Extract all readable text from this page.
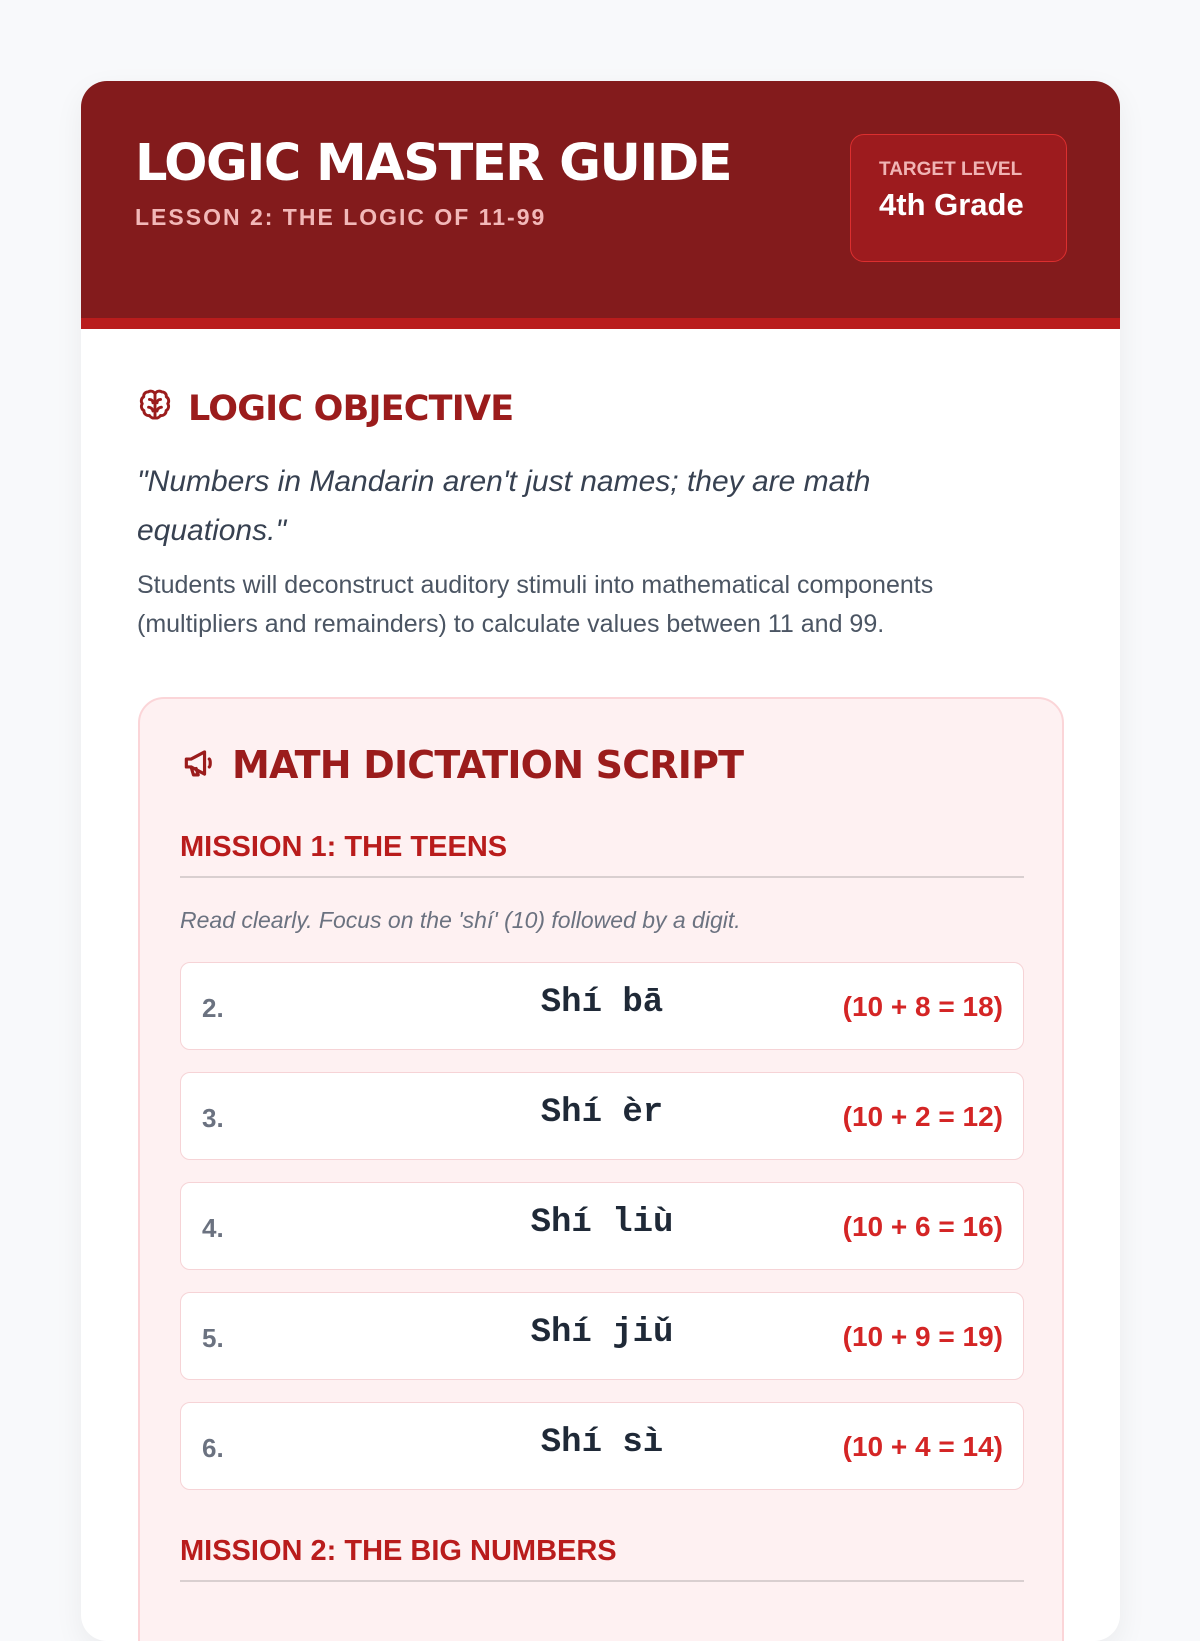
LOGIC MASTER GUIDE
LESSON 2: THE LOGIC OF 11-99
TARGET LEVEL
4th Grade
LOGIC OBJECTIVE
"Numbers in Mandarin aren't just names; they are math equations."
Students will deconstruct auditory stimuli into mathematical components (multipliers and remainders) to calculate values between 11 and 99.
MATH DICTATION SCRIPT
MISSION 1: THE TEENS
Read clearly. Focus on the 'shí' (10) followed by a digit.
2.	Shí bā	(10 + 8 = 18)
3.	Shí èr	(10 + 2 = 12)
4.	Shí liù	(10 + 6 = 16)
5.	Shí jiǔ	(10 + 9 = 19)
6.	Shí sì	(10 + 4 = 14)
MISSION 2: THE BIG NUMBERS
